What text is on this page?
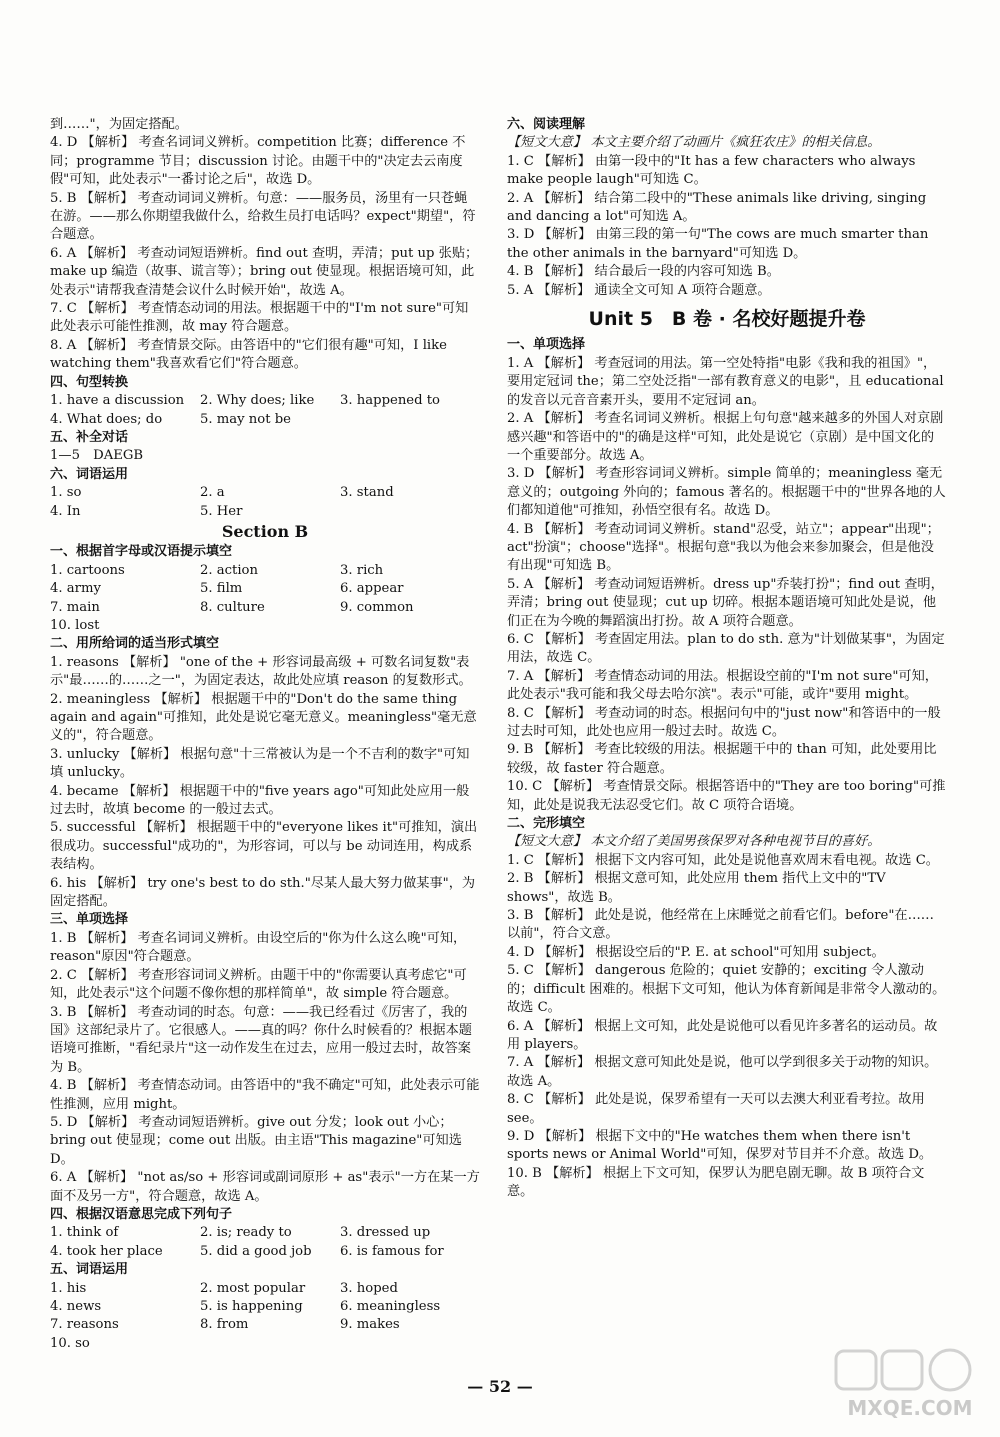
到……"，为固定搭配。
4. D 【解析】 考查名词词义辨析。competition 比赛；difference 不同；programme 节目；discussion 讨论。由题干中的"决定去云南度假"可知，此处表示"一番讨论之后"，故选 D。
5. B 【解析】 考查动词词义辨析。句意：——服务员，汤里有一只苍蝇在游。——那么你期望我做什么，给救生员打电话吗？expect"期望"，符合题意。
6. A 【解析】 考查动词短语辨析。find out 查明，弄清；put up 张贴；make up 编造（故事、谎言等）；bring out 使显现。根据语境可知，此处表示"请帮我查清楚会议什么时候开始"，故选 A。
7. C 【解析】 考查情态动词的用法。根据题干中的"I'm not sure"可知此处表示可能性推测，故 may 符合题意。
8. A 【解析】 考查情景交际。由答语中的"它们很有趣"可知，I like watching them"我喜欢看它们"符合题意。
四、句型转换
1. have a discussion	2. Why does; like	3. happened to
4. What does; do	5. may not be
五、补全对话
1—5　DAEGB
六、词语运用
1. so	2. a	3. stand
4. In	5. Her
Section B
一、根据首字母或汉语提示填空
1. cartoons	2. action	3. rich
4. army	5. film	6. appear
7. main	8. culture	9. common
10. lost
二、用所给词的适当形式填空
1. reasons 【解析】 "one of the + 形容词最高级 + 可数名词复数"表示"最……的……之一"，为固定表达，故此处应填 reason 的复数形式。
2. meaningless 【解析】 根据题干中的"Don't do the same thing again and again"可推知，此处是说它毫无意义。meaningless"毫无意义的"，符合题意。
3. unlucky 【解析】 根据句意"十三常被认为是一个不吉利的数字"可知填 unlucky。
4. became 【解析】 根据题干中的"five years ago"可知此处应用一般过去时，故填 become 的一般过去式。
5. successful 【解析】 根据题干中的"everyone likes it"可推知，演出很成功。successful"成功的"，为形容词，可以与 be 动词连用，构成系表结构。
6. his 【解析】 try one's best to do sth."尽某人最大努力做某事"，为固定搭配。
三、单项选择
1. B 【解析】 考查名词词义辨析。由设空后的"你为什么这么晚"可知，reason"原因"符合题意。
2. C 【解析】 考查形容词词义辨析。由题干中的"你需要认真考虑它"可知，此处表示"这个问题不像你想的那样简单"，故 simple 符合题意。
3. B 【解析】 考查动词的时态。句意：——我已经看过《厉害了，我的国》这部纪录片了。它很感人。——真的吗？你什么时候看的？根据本题语境可推断，"看纪录片"这一动作发生在过去，应用一般过去时，故答案为 B。
4. B 【解析】 考查情态动词。由答语中的"我不确定"可知，此处表示可能性推测，应用 might。
5. D 【解析】 考查动词短语辨析。give out 分发；look out 小心；bring out 使显现；come out 出版。由主语"This magazine"可知选 D。
6. A 【解析】 "not as/so + 形容词或副词原形 + as"表示"一方在某一方面不及另一方"，符合题意，故选 A。
四、根据汉语意思完成下列句子
1. think of	2. is; ready to	3. dressed up
4. took her place	5. did a good job	6. is famous for
五、词语运用
1. his	2. most popular	3. hoped
4. news	5. is happening	6. meaningless
7. reasons	8. from	9. makes
10. so
六、阅读理解
【短文大意】 本文主要介绍了动画片《疯狂农庄》的相关信息。
1. C 【解析】 由第一段中的"It has a few characters who always make people laugh"可知选 C。
2. A 【解析】 结合第二段中的"These animals like driving, singing and dancing a lot"可知选 A。
3. D 【解析】 由第三段的第一句"The cows are much smarter than the other animals in the barnyard"可知选 D。
4. B 【解析】 结合最后一段的内容可知选 B。
5. A 【解析】 通读全文可知 A 项符合题意。
Unit 5　B 卷 · 名校好题提升卷
一、单项选择
1. A 【解析】 考查冠词的用法。第一空处特指"电影《我和我的祖国》"，要用定冠词 the；第二空处泛指"一部有教育意义的电影"，且 educational 的发音以元音音素开头，要用不定冠词 an。
2. A 【解析】 考查名词词义辨析。根据上句句意"越来越多的外国人对京剧感兴趣"和答语中的"的确是这样"可知，此处是说它（京剧）是中国文化的一个重要部分。故选 A。
3. D 【解析】 考查形容词词义辨析。simple 简单的；meaningless 毫无意义的；outgoing 外向的；famous 著名的。根据题干中的"世界各地的人们都知道他"可推知，孙悟空很有名。故选 D。
4. B 【解析】 考查动词词义辨析。stand"忍受，站立"；appear"出现"；act"扮演"；choose"选择"。根据句意"我以为他会来参加聚会，但是他没有出现"可知选 B。
5. A 【解析】 考查动词短语辨析。dress up"乔装打扮"；find out 查明，弄清；bring out 使显现；cut up 切碎。根据本题语境可知此处是说，他们正在为今晚的舞蹈演出打扮。故 A 项符合题意。
6. C 【解析】 考查固定用法。plan to do sth. 意为"计划做某事"，为固定用法，故选 C。
7. A 【解析】 考查情态动词的用法。根据设空前的"I'm not sure"可知，此处表示"我可能和我父母去哈尔滨"。表示"可能，或许"要用 might。
8. C 【解析】 考查动词的时态。根据问句中的"just now"和答语中的一般过去时可知，此处也应用一般过去时。故选 C。
9. B 【解析】 考查比较级的用法。根据题干中的 than 可知，此处要用比较级，故 faster 符合题意。
10. C 【解析】 考查情景交际。根据答语中的"They are too boring"可推知，此处是说我无法忍受它们。故 C 项符合语境。
二、完形填空
【短文大意】 本文介绍了美国男孩保罗对各种电视节目的喜好。
1. C 【解析】 根据下文内容可知，此处是说他喜欢周末看电视。故选 C。
2. B 【解析】 根据文意可知，此处应用 them 指代上文中的"TV shows"，故选 B。
3. B 【解析】 此处是说，他经常在上床睡觉之前看它们。before"在……以前"，符合文意。
4. D 【解析】 根据设空后的"P. E. at school"可知用 subject。
5. C 【解析】 dangerous 危险的；quiet 安静的；exciting 令人激动的；difficult 困难的。根据下文可知，他认为体育新闻是非常令人激动的。故选 C。
6. A 【解析】 根据上文可知，此处是说他可以看见许多著名的运动员。故用 players。
7. A 【解析】 根据文意可知此处是说，他可以学到很多关于动物的知识。故选 A。
8. C 【解析】 此处是说，保罗希望有一天可以去澳大利亚看考拉。故用 see。
9. D 【解析】 根据下文中的"He watches them when there isn't sports news or Animal World"可知，保罗对节目并不介意。故选 D。
10. B 【解析】 根据上下文可知，保罗认为肥皂剧无聊。故 B 项符合文意。
— 52 —
MXQE.COM
